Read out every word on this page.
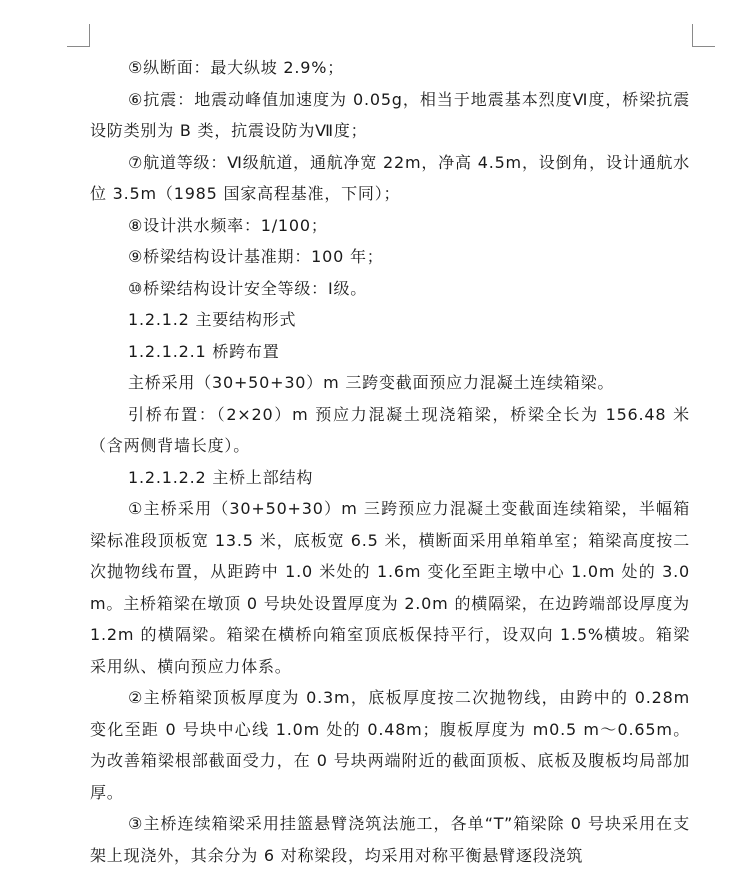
⑤纵断面：最大纵坡 2.9%；

⑥抗震：地震动峰值加速度为 0.05g，相当于地震基本烈度Ⅵ度，桥梁抗震设防类别为 B 类，抗震设防为Ⅶ度；

⑦航道等级：Ⅵ级航道，通航净宽 22m，净高 4.5m，设倒角，设计通航水位 3.5m（1985 国家高程基准，下同）；

⑧设计洪水频率：1/100；

⑨桥梁结构设计基准期：100 年；

⑩桥梁结构设计安全等级：Ⅰ级。

1.2.1.2 主要结构形式

1.2.1.2.1 桥跨布置

主桥采用（30+50+30）m 三跨变截面预应力混凝土连续箱梁。

引桥布置：（2×20）m 预应力混凝土现浇箱梁，桥梁全长为 156.48 米（含两侧背墙长度）。

1.2.1.2.2 主桥上部结构

①主桥采用（30+50+30）m 三跨预应力混凝土变截面连续箱梁，半幅箱梁标准段顶板宽 13.5 米，底板宽 6.5 米，横断面采用单箱单室；箱梁高度按二次抛物线布置，从距跨中 1.0 米处的 1.6m 变化至距主墩中心 1.0m 处的 3.0m。主桥箱梁在墩顶 0 号块处设置厚度为 2.0m 的横隔梁，在边跨端部设厚度为 1.2m 的横隔梁。箱梁在横桥向箱室顶底板保持平行，设双向 1.5%横坡。箱梁采用纵、横向预应力体系。

②主桥箱梁顶板厚度为 0.3m，底板厚度按二次抛物线，由跨中的 0.28m 变化至距 0 号块中心线 1.0m 处的 0.48m；腹板厚度为 m0.5 m～0.65m。为改善箱梁根部截面受力，在 0 号块两端附近的截面顶板、底板及腹板均局部加厚。

③主桥连续箱梁采用挂篮悬臂浇筑法施工，各单“T”箱梁除 0 号块采用在支架上现浇外，其余分为 6 对称梁段，均采用对称平衡悬臂逐段浇筑
